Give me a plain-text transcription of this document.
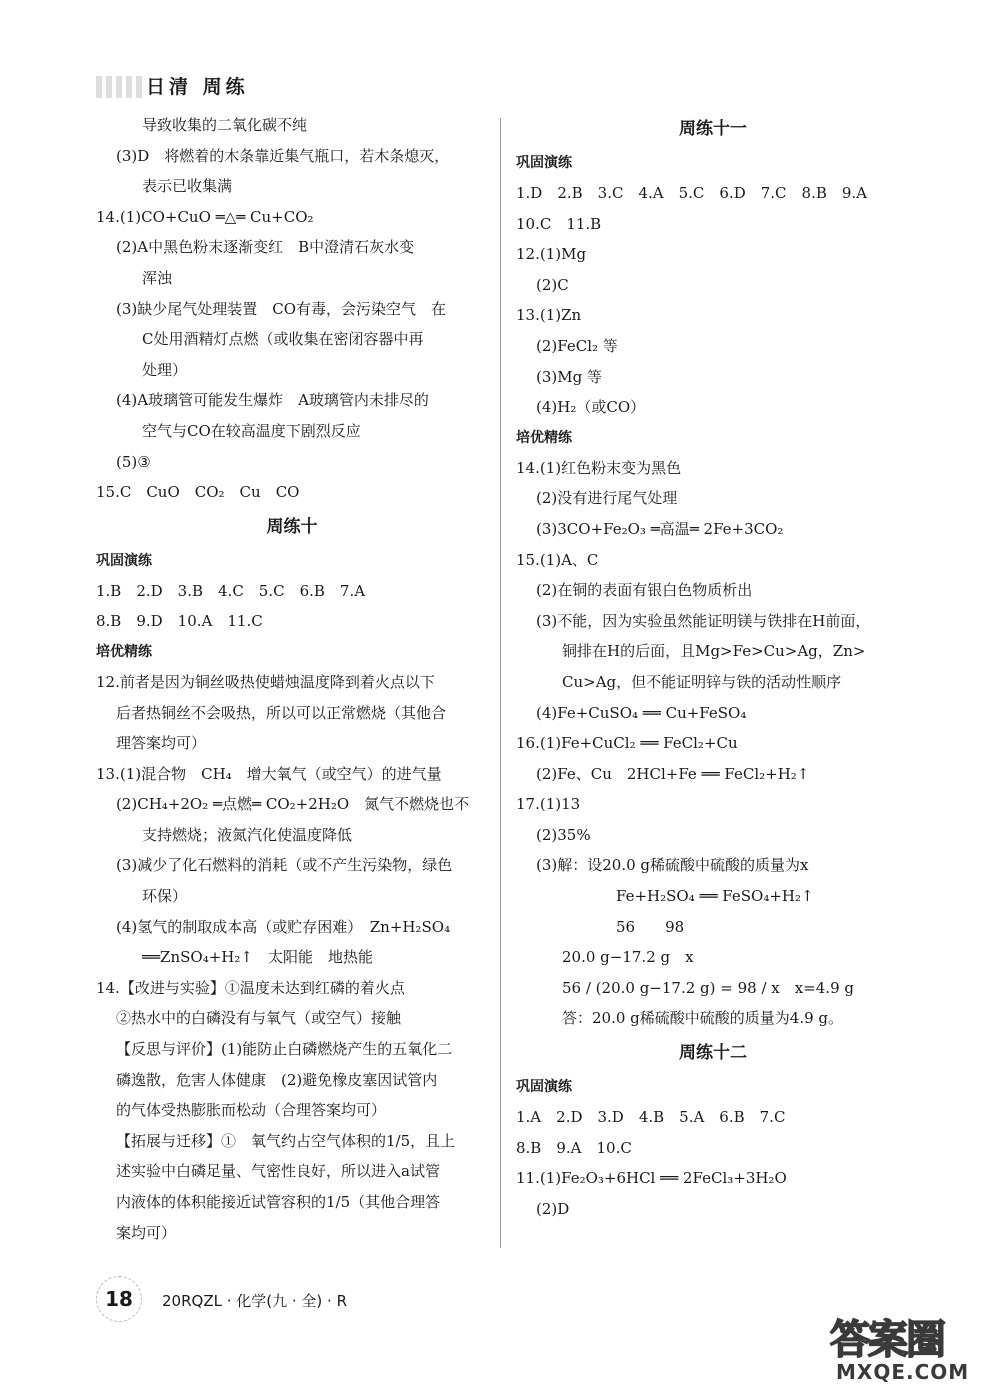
日清 周练
导致收集的二氧化碳不纯
(3)D　将燃着的木条靠近集气瓶口，若木条熄灭，
表示已收集满
14.(1)CO+CuO ═△═ Cu+CO₂
(2)A中黑色粉末逐渐变红　B中澄清石灰水变
浑浊
(3)缺少尾气处理装置　CO有毒，会污染空气　在
C处用酒精灯点燃（或收集在密闭容器中再
处理）
(4)A玻璃管可能发生爆炸　A玻璃管内未排尽的
空气与CO在较高温度下剧烈反应
(5)③
15.C　CuO　CO₂　Cu　CO
周练十
巩固演练
1.B　2.D　3.B　4.C　5.C　6.B　7.A
8.B　9.D　10.A　11.C
培优精练
12.前者是因为铜丝吸热使蜡烛温度降到着火点以下
后者热铜丝不会吸热，所以可以正常燃烧（其他合
理答案均可）
13.(1)混合物　CH₄　增大氧气（或空气）的进气量
(2)CH₄+2O₂ ═点燃═ CO₂+2H₂O　氮气不燃烧也不
支持燃烧；液氮汽化使温度降低
(3)减少了化石燃料的消耗（或不产生污染物，绿色
环保）
(4)氢气的制取成本高（或贮存困难）　Zn+H₂SO₄
══ZnSO₄+H₂↑　太阳能　地热能
14.【改进与实验】①温度未达到红磷的着火点
②热水中的白磷没有与氧气（或空气）接触
【反思与评价】(1)能防止白磷燃烧产生的五氧化二
磷逸散，危害人体健康　(2)避免橡皮塞因试管内
的气体受热膨胀而松动（合理答案均可）
【拓展与迁移】①　氧气约占空气体积的1/5，且上
述实验中白磷足量、气密性良好，所以进入a试管
内液体的体积能接近试管容积的1/5（其他合理答
案均可）
周练十一
巩固演练
1.D　2.B　3.C　4.A　5.C　6.D　7.C　8.B　9.A
10.C　11.B
12.(1)Mg
(2)C
13.(1)Zn
(2)FeCl₂ 等
(3)Mg 等
(4)H₂（或CO）
培优精练
14.(1)红色粉末变为黑色
(2)没有进行尾气处理
(3)3CO+Fe₂O₃ ═高温═ 2Fe+3CO₂
15.(1)A、C
(2)在铜的表面有银白色物质析出
(3)不能，因为实验虽然能证明镁与铁排在H前面，
铜排在H的后面，且Mg>Fe>Cu>Ag，Zn>
Cu>Ag，但不能证明锌与铁的活动性顺序
(4)Fe+CuSO₄ ══ Cu+FeSO₄
16.(1)Fe+CuCl₂ ══ FeCl₂+Cu
(2)Fe、Cu　2HCl+Fe ══ FeCl₂+H₂↑
17.(1)13
(2)35%
(3)解：设20.0 g稀硫酸中硫酸的质量为x
Fe+H₂SO₄ ══ FeSO₄+H₂↑
56　　98
20.0 g−17.2 g　x
56 / (20.0 g−17.2 g) = 98 / x　x=4.9 g
答：20.0 g稀硫酸中硫酸的质量为4.9 g。
周练十二
巩固演练
1.A　2.D　3.D　4.B　5.A　6.B　7.C
8.B　9.A　10.C
11.(1)Fe₂O₃+6HCl ══ 2FeCl₃+3H₂O
(2)D
18	20RQZL · 化学(九 · 全) · R
答案圈
MXQE.COM
